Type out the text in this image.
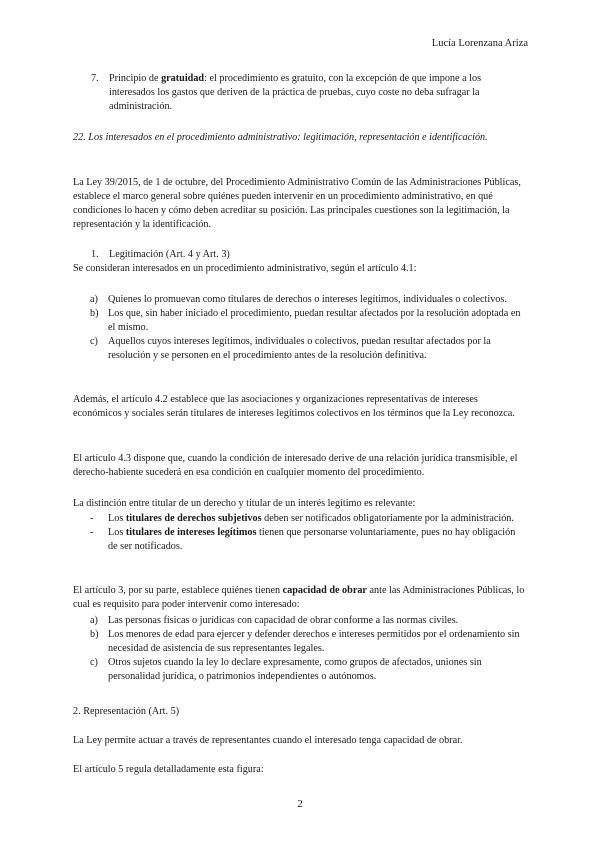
Lucía Lorenzana Ariza
7.	Principio de gratuidad: el procedimiento es gratuito, con la excepción de que impone a los interesados los gastos que deriven de la práctica de pruebas, cuyo coste no deba sufragar la administración.
22. Los interesados en el procedimiento administrativo: legitimación, representación e identificación.
La Ley 39/2015, de 1 de octubre, del Procedimiento Administrativo Común de las Administraciones Públicas, establece el marco general sobre quiénes pueden intervenir en un procedimiento administrativo, en qué condiciones lo hacen y cómo deben acreditar su posición. Las principales cuestiones son la legitimación, la representación y la identificación.
1. Legitimación (Art. 4 y Art. 3)
Se consideran interesados en un procedimiento administrativo, según el artículo 4.1:
a) Quienes lo promuevan como titulares de derechos o intereses legítimos, individuales o colectivos.
b) Los que, sin haber iniciado el procedimiento, puedan resultar afectados por la resolución adoptada en el mismo.
c) Aquellos cuyos intereses legítimos, individuales o colectivos, puedan resultar afectados por la resolución y se personen en el procedimiento antes de la resolución definitiva.
Además, el artículo 4.2 establece que las asociaciones y organizaciones representativas de intereses económicos y sociales serán titulares de intereses legítimos colectivos en los términos que la Ley reconozca.
El artículo 4.3 dispone que, cuando la condición de interesado derive de una relación jurídica transmisible, el derecho-habiente sucederá en esa condición en cualquier momento del procedimiento.
La distinción entre titular de un derecho y titular de un interés legítimo es relevante:
- Los titulares de derechos subjetivos deben ser notificados obligatoriamente por la administración.
- Los titulares de intereses legítimos tienen que personarse voluntariamente, pues no hay obligación de ser notificados.
El artículo 3, por su parte, establece quiénes tienen capacidad de obrar ante las Administraciones Públicas, lo cual es requisito para poder intervenir como interesado:
a) Las personas físicas o jurídicas con capacidad de obrar conforme a las normas civiles.
b) Los menores de edad para ejercer y defender derechos e intereses permitidos por el ordenamiento sin necesidad de asistencia de sus representantes legales.
c) Otros sujetos cuando la ley lo declare expresamente, como grupos de afectados, uniones sin personalidad jurídica, o patrimonios independientes o autónomos.
2. Representación (Art. 5)
La Ley permite actuar a través de representantes cuando el interesado tenga capacidad de obrar.
El artículo 5 regula detalladamente esta figura:
2
